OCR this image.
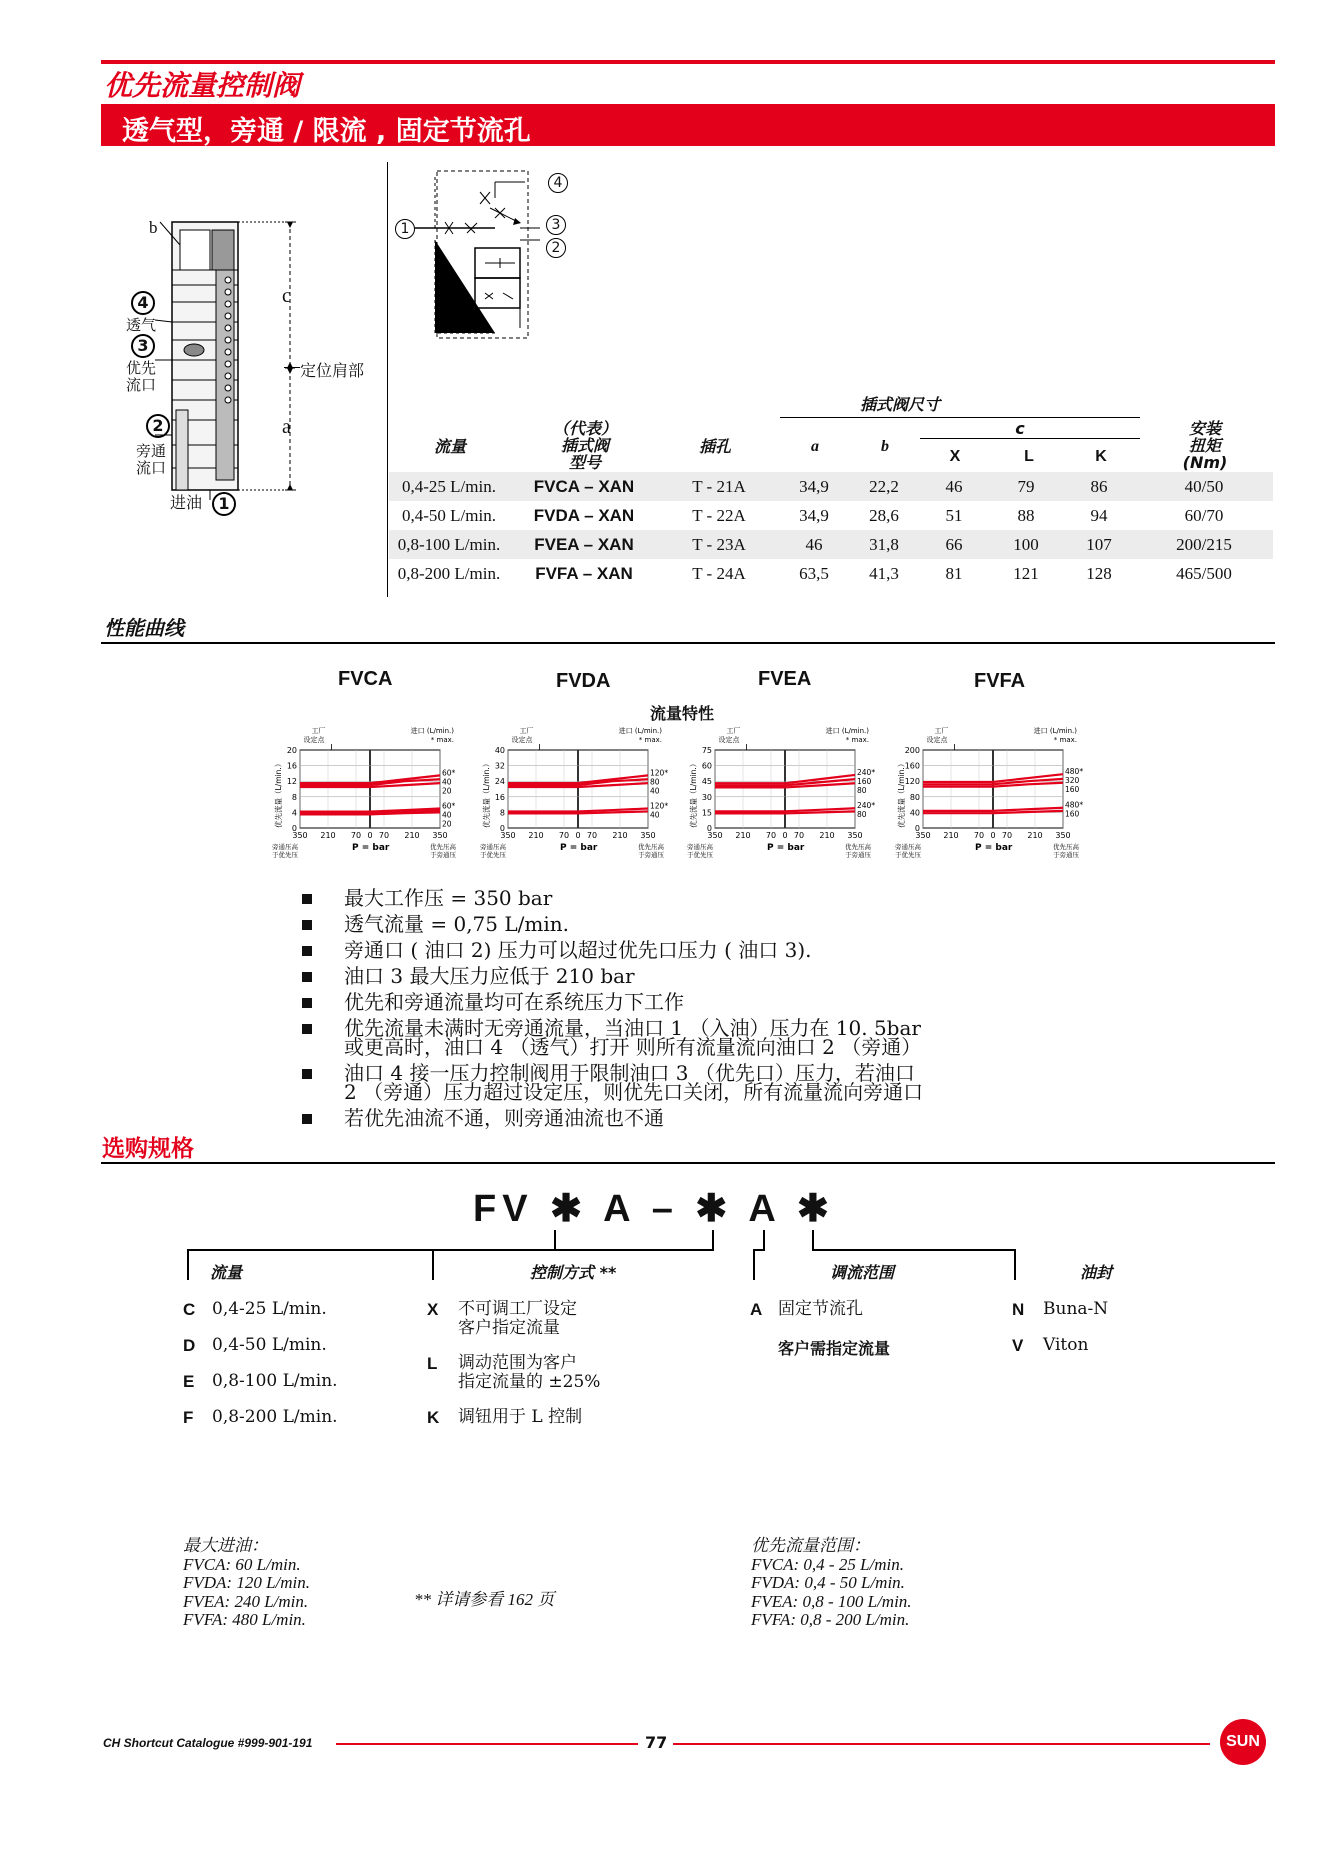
优先流量控制阀
透气型，旁通 / 限流 , 固定节流孔
b
c
a
定位肩部
4
透气
3
优先
流口
2
旁通
流口
进油	1
4
1	3
2
插式阀尺寸
c
流量
（代表）
插式阀
型号
插孔	a	b
X	L	K
安装
扭矩
(Nm)
0,4-25 L/min.	FVCA – XAN	T - 21A	34,9	22,2	46	79	86	40/50
0,4-50 L/min.	FVDA – XAN	T - 22A	34,9	28,6	51	88	94	60/70
0,8-100 L/min.	FVEA – XAN	T - 23A	46	31,8	66	100	107	200/215
0,8-200 L/min.	FVFA – XAN	T - 24A	63,5	41,3	81	121	128	465/500
性能曲线
FVCA	FVDA	FVEA	FVFA
流量特性
20
16
12
8
4
0
350 210 70 0 70 210 350
60*
40
20
60*
40
20
工厂
设定点
进口 (L/min.)
* max.
优先流量（L/min.）
P = bar
旁通压高
于优先压
优先压高
于旁通压
40
32
24
16
8
0
350 210 70 0 70 210 350
120*
80
40
120*
40
工厂
设定点
进口 (L/min.)
* max.
优先流量（L/min.）
P = bar
旁通压高
于优先压
优先压高
于旁通压
75
60
45
30
15
0
350 210 70 0 70 210 350
240*
160
80
240*
80
工厂
设定点
进口 (L/min.)
* max.
优先流量（L/min.）
P = bar
旁通压高
于优先压
优先压高
于旁通压
200
160
120
80
40
0
350 210 70 0 70 210 350
480*
320
160
480*
160
工厂
设定点
进口 (L/min.)
* max.
优先流量（L/min.）
P = bar
旁通压高
于优先压
优先压高
于旁通压
最大工作压 = 350 bar
透气流量 = 0,75 L/min.
旁通口 ( 油口 2) 压力可以超过优先口压力 ( 油口 3).
油口 3 最大压力应低于 210 bar
优先和旁通流量均可在系统压力下工作
优先流量未满时无旁通流量，当油口 1 （入油）压力在 10. 5bar
或更高时，油口 4 （透气）打开 则所有流量流向油口 2 （旁通）
油口 4 接一压力控制阀用于限制油口 3 （优先口）压力，若油口
2 （旁通）压力超过设定压，则优先口关闭，所有流量流向旁通口
若优先油流不通，则旁通油流也不通
选购规格
FV ✱ A – ✱ A ✱
流量	控制方式 **	调流范围	油封
C 0,4-25 L/min.
D 0,4-50 L/min.
E 0,8-100 L/min.
F 0,8-200 L/min.
X 不可调工厂设定
客户指定流量
L 调动范围为客户
指定流量的 ±25%
K 调钮用于 L 控制
A 固定节流孔
客户需指定流量
N Buna-N
V Viton
最大进油：
FVCA: 60 L/min.
FVDA: 120 L/min.
FVEA: 240 L/min.
FVFA: 480 L/min.
** 详请参看 162 页
优先流量范围：
FVCA: 0,4 - 25 L/min.
FVDA: 0,4 - 50 L/min.
FVEA: 0,8 - 100 L/min.
FVFA: 0,8 - 200 L/min.
CH Shortcut Catalogue #999-901-191	77	SUN
